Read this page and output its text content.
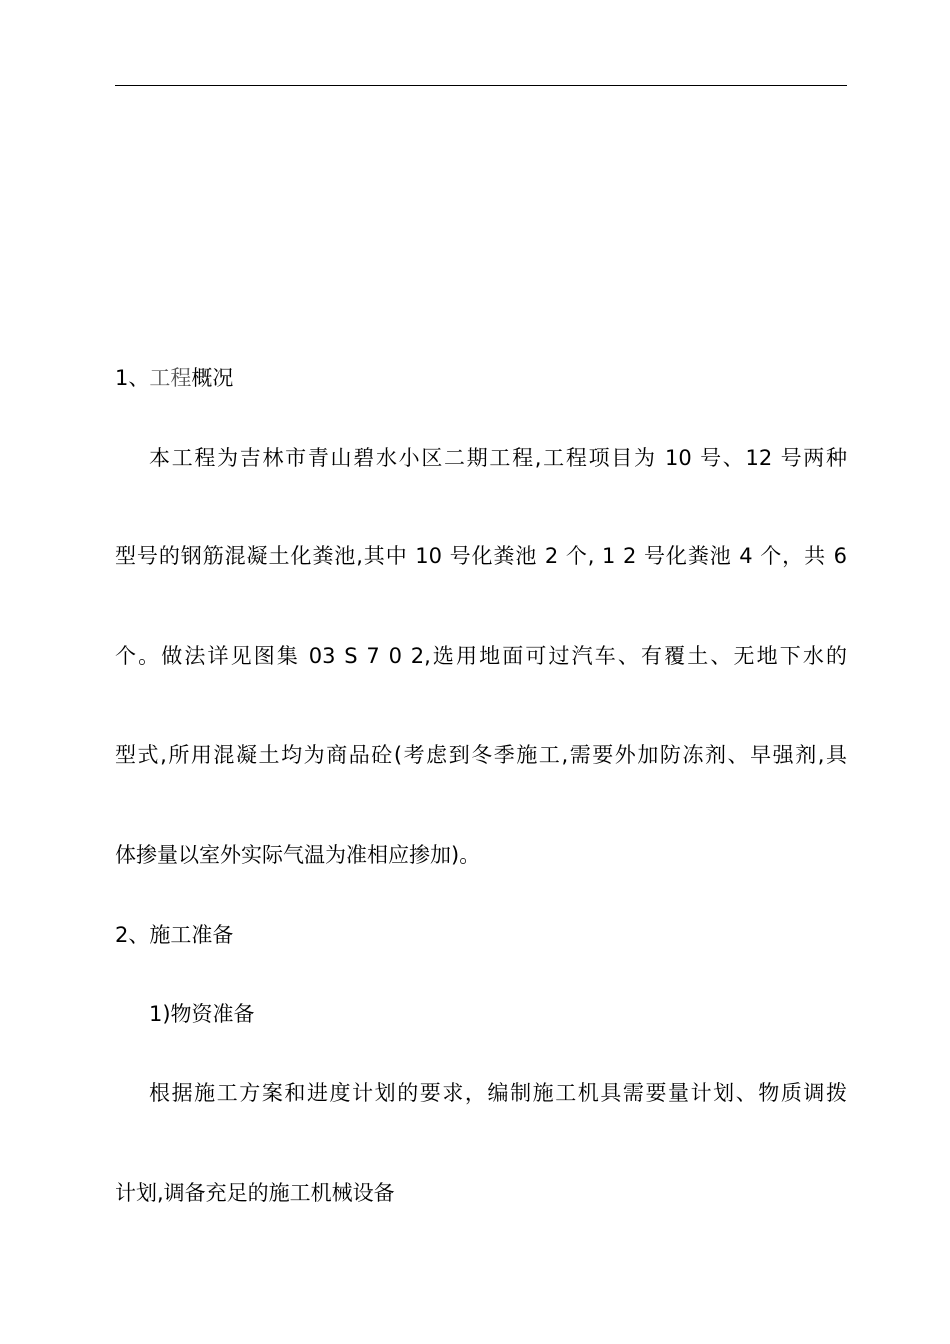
1、工程概况
本工程为吉林市青山碧水小区二期工程,工程项目为 10 号、12 号两种
型号的钢筋混凝土化粪池,其中 10 号化粪池 2 个, 1 2 号化粪池 4 个，共 6
个。做法详见图集 03 S 7 0 2,选用地面可过汽车、有覆土、无地下水的
型式,所用混凝土均为商品砼(考虑到冬季施工,需要外加防冻剂、早强剂,具
体掺量以室外实际气温为准相应掺加)。
2、施工准备
1)物资准备
根据施工方案和进度计划的要求，编制施工机具需要量计划、物质调拨
计划,调备充足的施工机械设备
